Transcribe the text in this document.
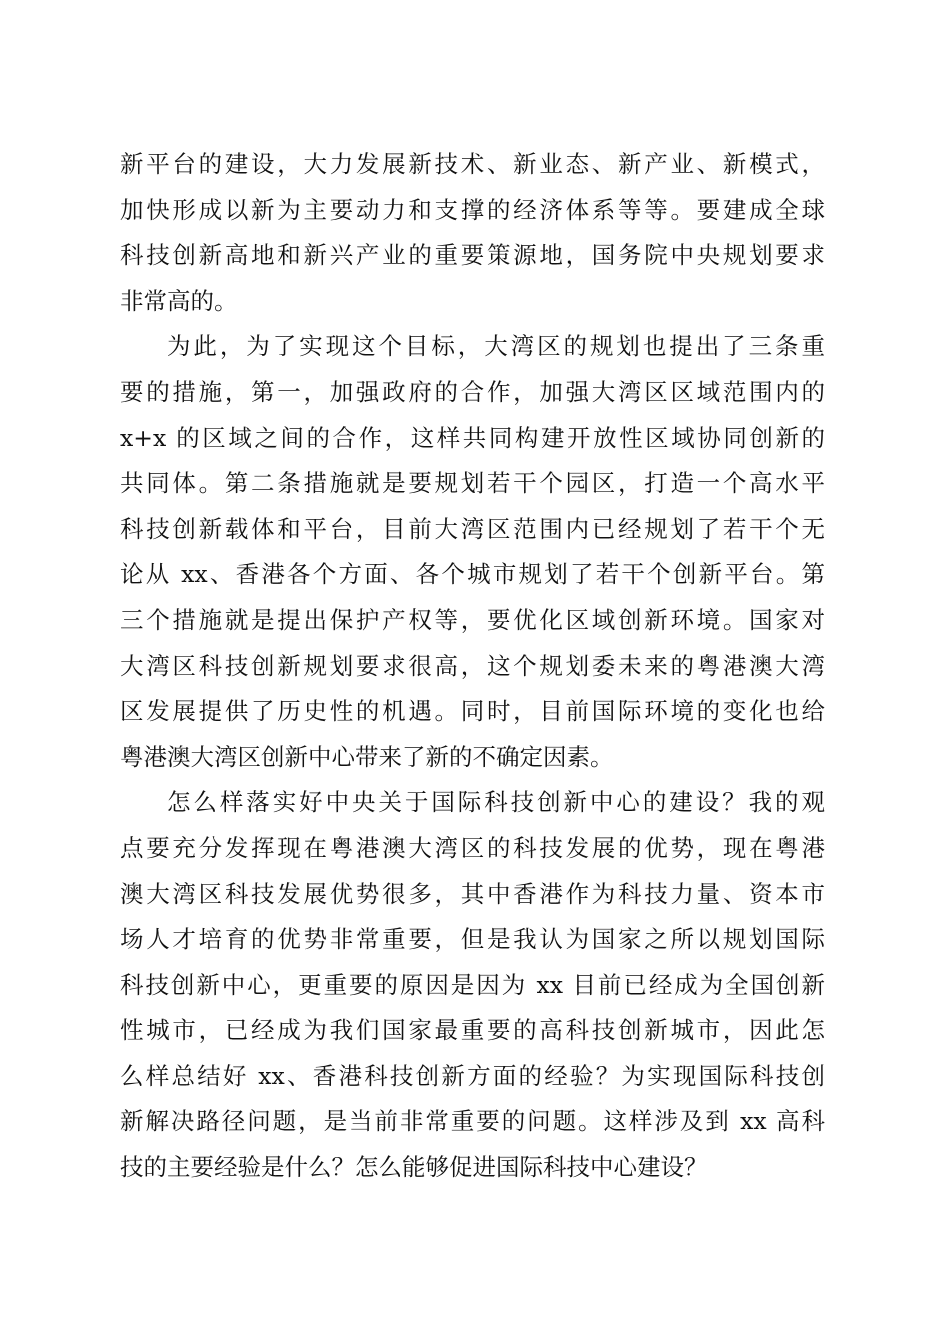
新平台的建设，大力发展新技术、新业态、新产业、新模式，
加快形成以新为主要动力和支撑的经济体系等等。要建成全球
科技创新高地和新兴产业的重要策源地，国务院中央规划要求
非常高的。
为此，为了实现这个目标，大湾区的规划也提出了三条重
要的措施，第一，加强政府的合作，加强大湾区区域范围内的
x+x 的区域之间的合作，这样共同构建开放性区域协同创新的
共同体。第二条措施就是要规划若干个园区，打造一个高水平
科技创新载体和平台，目前大湾区范围内已经规划了若干个无
论从 xx、香港各个方面、各个城市规划了若干个创新平台。第
三个措施就是提出保护产权等，要优化区域创新环境。国家对
大湾区科技创新规划要求很高，这个规划委未来的粤港澳大湾
区发展提供了历史性的机遇。同时，目前国际环境的变化也给
粤港澳大湾区创新中心带来了新的不确定因素。
怎么样落实好中央关于国际科技创新中心的建设？我的观
点要充分发挥现在粤港澳大湾区的科技发展的优势，现在粤港
澳大湾区科技发展优势很多，其中香港作为科技力量、资本市
场人才培育的优势非常重要，但是我认为国家之所以规划国际
科技创新中心，更重要的原因是因为 xx 目前已经成为全国创新
性城市，已经成为我们国家最重要的高科技创新城市，因此怎
么样总结好 xx、香港科技创新方面的经验？为实现国际科技创
新解决路径问题，是当前非常重要的问题。这样涉及到 xx 高科
技的主要经验是什么？怎么能够促进国际科技中心建设？
